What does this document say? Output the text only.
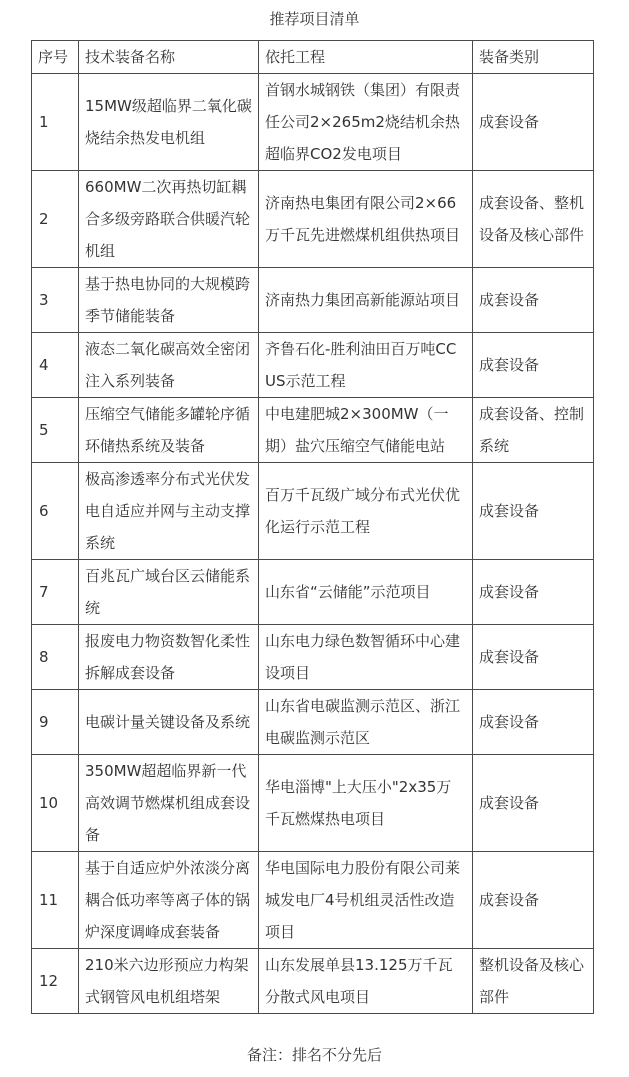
推荐项目清单
序号	技术装备名称	依托工程	装备类别
1	15MW级超临界二氧化碳烧结余热发电机组	首钢水城钢铁（集团）有限责任公司2×265m2烧结机余热超临界CO2发电项目	成套设备
2	660MW二次再热切缸耦合多级旁路联合供暖汽轮机组	济南热电集团有限公司2×66万千瓦先进燃煤机组供热项目	成套设备、整机设备及核心部件
3	基于热电协同的大规模跨季节储能装备	济南热力集团高新能源站项目	成套设备
4	液态二氧化碳高效全密闭注入系列装备	齐鲁石化-胜利油田百万吨CCUS示范工程	成套设备
5	压缩空气储能多罐轮序循环储热系统及装备	中电建肥城2×300MW（一期）盐穴压缩空气储能电站	成套设备、控制系统
6	极高渗透率分布式光伏发电自适应并网与主动支撑系统	百万千瓦级广域分布式光伏优化运行示范工程	成套设备
7	百兆瓦广域台区云储能系统	山东省“云储能”示范项目	成套设备
8	报废电力物资数智化柔性拆解成套设备	山东电力绿色数智循环中心建设项目	成套设备
9	电碳计量关键设备及系统	山东省电碳监测示范区、浙江电碳监测示范区	成套设备
10	350MW超超临界新一代高效调节燃煤机组成套设备	华电淄博"上大压小"2x35万千瓦燃煤热电项目	成套设备
11	基于自适应炉外浓淡分离耦合低功率等离子体的锅炉深度调峰成套装备	华电国际电力股份有限公司莱城发电厂4号机组灵活性改造项目	成套设备
12	210米六边形预应力构架式钢管风电机组塔架	山东发展单县13.125万千瓦分散式风电项目	整机设备及核心部件
备注：排名不分先后
